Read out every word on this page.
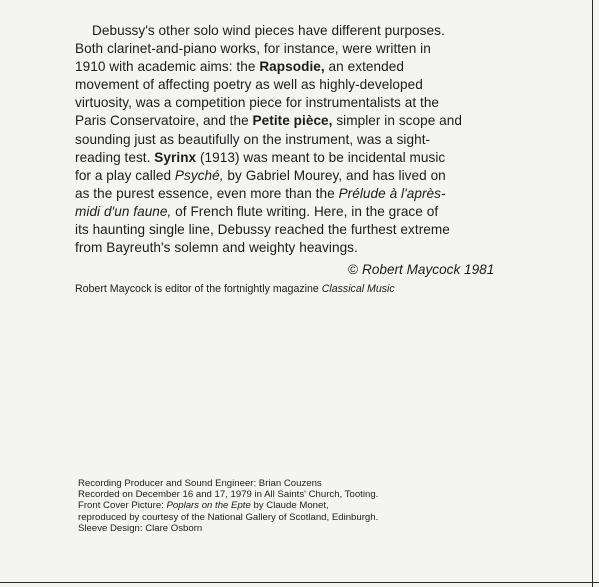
Debussy's other solo wind pieces have different purposes.
Both clarinet-and-piano works, for instance, were written in
1910 with academic aims: the Rapsodie, an extended
movement of affecting poetry as well as highly-developed
virtuosity, was a competition piece for instrumentalists at the
Paris Conservatoire, and the Petite pièce, simpler in scope and
sounding just as beautifully on the instrument, was a sight-
reading test. Syrinx (1913) was meant to be incidental music
for a play called Psyché, by Gabriel Mourey, and has lived on
as the purest essence, even more than the Prélude à l'après-
midi d'un faune, of French flute writing. Here, in the grace of
its haunting single line, Debussy reached the furthest extreme
from Bayreuth's solemn and weighty heavings.
© Robert Maycock 1981
Robert Maycock is editor of the fortnightly magazine Classical Music
Recording Producer and Sound Engineer: Brian Couzens
Recorded on December 16 and 17, 1979 in All Saints' Church, Tooting.
Front Cover Picture: Poplars on the Epte by Claude Monet,
reproduced by courtesy of the National Gallery of Scotland, Edinburgh.
Sleeve Design: Clare Osborn
